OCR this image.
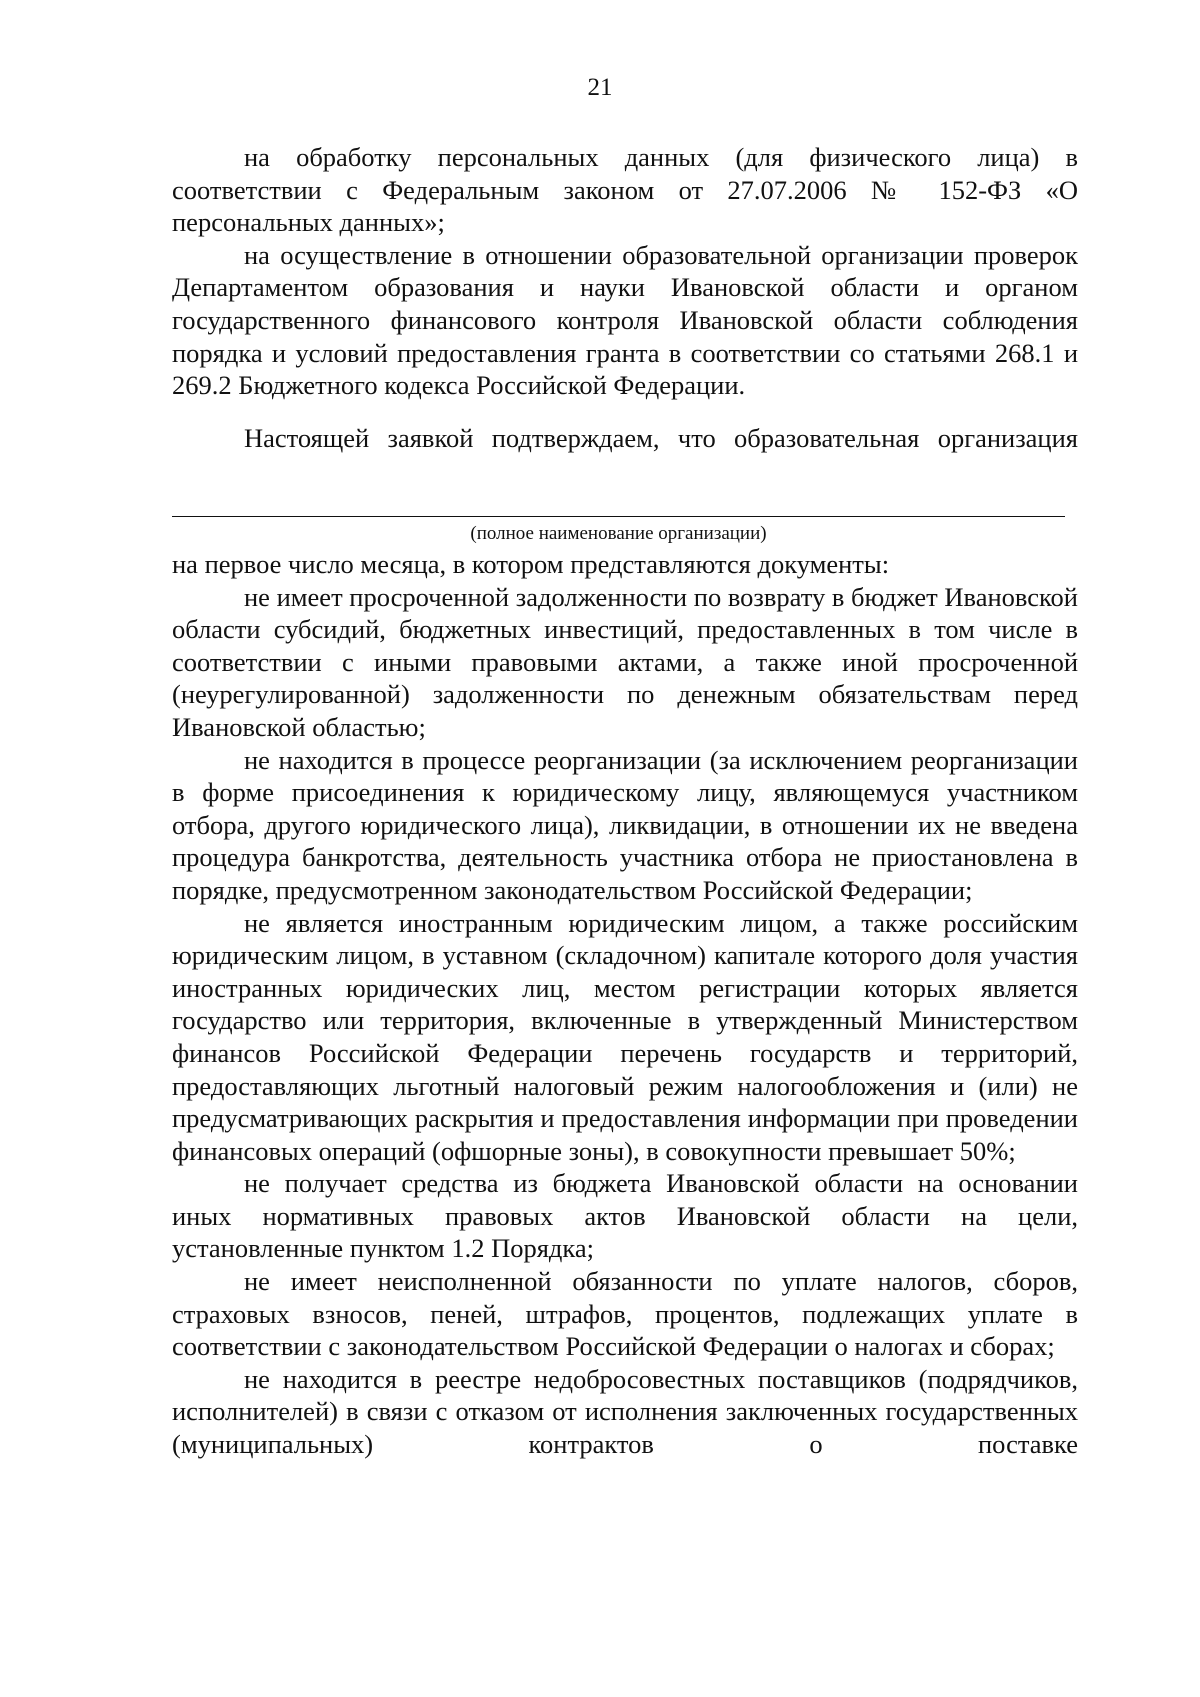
21

на обработку персональных данных (для физического лица) в соответствии с Федеральным законом от 27.07.2006 № 152-ФЗ «О персональных данных»;

на осуществление в отношении образовательной организации проверок Департаментом образования и науки Ивановской области и органом государственного финансового контроля Ивановской области соблюдения порядка и условий предоставления гранта в соответствии со статьями 268.1 и 269.2 Бюджетного кодекса Российской Федерации.

Настоящей заявкой подтверждаем, что образовательная организация

(полное наименование организации)

на первое число месяца, в котором представляются документы:

не имеет просроченной задолженности по возврату в бюджет Ивановской области субсидий, бюджетных инвестиций, предоставленных в том числе в соответствии с иными правовыми актами, а также иной просроченной (неурегулированной) задолженности по денежным обязательствам перед Ивановской областью;

не находится в процессе реорганизации (за исключением реорганизации в форме присоединения к юридическому лицу, являющемуся участником отбора, другого юридического лица), ликвидации, в отношении их не введена процедура банкротства, деятельность участника отбора не приостановлена в порядке, предусмотренном законодательством Российской Федерации;

не является иностранным юридическим лицом, а также российским юридическим лицом, в уставном (складочном) капитале которого доля участия иностранных юридических лиц, местом регистрации которых является государство или территория, включенные в утвержденный Министерством финансов Российской Федерации перечень государств и территорий, предоставляющих льготный налоговый режим налогообложения и (или) не предусматривающих раскрытия и предоставления информации при проведении финансовых операций (офшорные зоны), в совокупности превышает 50%;

не получает средства из бюджета Ивановской области на основании иных нормативных правовых актов Ивановской области на цели, установленные пунктом 1.2 Порядка;

не имеет неисполненной обязанности по уплате налогов, сборов, страховых взносов, пеней, штрафов, процентов, подлежащих уплате в соответствии с законодательством Российской Федерации о налогах и сборах;

не находится в реестре недобросовестных поставщиков (подрядчиков, исполнителей) в связи с отказом от исполнения заключенных государственных (муниципальных) контрактов о поставке
